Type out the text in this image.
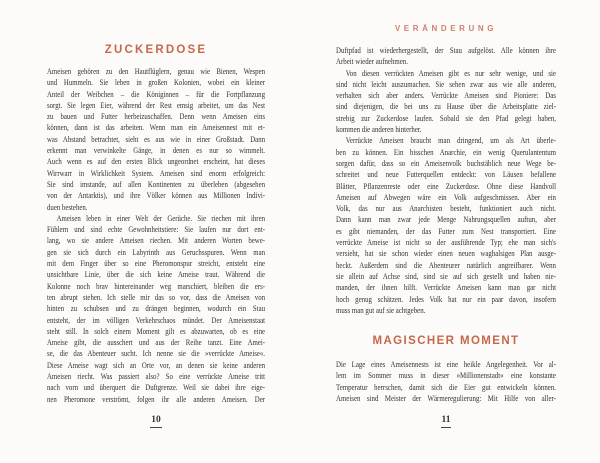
ZUCKERDOSE
Ameisen gehören zu den Hautflüglern, genau wie Bienen, Wespen
und Hummeln. Sie leben in großen Kolonien, wobei ein kleiner
Anteil der Weibchen – die Königinnen – für die Fortpflanzung
sorgt. Sie legen Eier, während der Rest emsig arbeitet, um das Nest
zu bauen und Futter herbeizuschaffen. Denn wenn Ameisen eins
können, dann ist das arbeiten. Wenn man ein Ameisennest mit et-
was Abstand betrachtet, sieht es aus wie in einer Großstadt. Dann
erkennt man verwinkelte Gänge, in denen es nur so wimmelt.
Auch wenn es auf den ersten Blick ungeordnet erscheint, hat dieses
Wirrwarr in Wirklichkeit System. Ameisen sind enorm erfolgreich:
Sie sind imstande, auf allen Kontinenten zu überleben (abgesehen
von der Antarktis), und ihre Völker können aus Millionen Indivi-
duen bestehen.
Ameisen leben in einer Welt der Gerüche. Sie riechen mit ihren
Fühlern und sind echte Gewohnheitstiere: Sie laufen nur dort ent-
lang, wo sie andere Ameisen riechen. Mit anderen Worten bewe-
gen sie sich durch ein Labyrinth aus Geruchsspuren. Wenn man
mit dem Finger über so eine Pheromonspur streicht, entsteht eine
unsichtbare Linie, über die sich keine Ameise traut. Während die
Kolonne noch brav hintereinander weg marschiert, bleiben die ers-
ten abrupt stehen. Ich stelle mir das so vor, dass die Ameisen von
hinten zu schubsen und zu drängen beginnen, wodurch ein Stau
entsteht, der im völligen Verkehrschaos mündet. Der Ameisenstaat
steht still. In solch einem Moment gilt es abzuwarten, ob es eine
Ameise gibt, die ausschert und aus der Reihe tanzt. Eine Amei-
se, die das Abenteuer sucht. Ich nenne sie die »verrückte Ameise«.
Diese Ameise wagt sich an Orte vor, an denen sie keine anderen
Ameisen riecht. Was passiert also? So eine verrückte Ameise tritt
nach vorn und überquert die Duftgrenze. Weil sie dabei ihre eige-
nen Pheromone verströmt, folgen ihr alle anderen Ameisen. Der
10
VERÄNDERUNG
Duftpfad ist wiederhergestellt, der Stau aufgelöst. Alle können ihre
Arbeit wieder aufnehmen.
Von diesen verrückten Ameisen gibt es nur sehr wenige, und sie
sind nicht leicht auszumachen. Sie sehen zwar aus wie alle anderen,
verhalten sich aber anders. Verrückte Ameisen sind Pioniere: Das
sind diejenigen, die bei uns zu Hause über die Arbeitsplatte ziel-
strebig zur Zuckerdose laufen. Sobald sie den Pfad gelegt haben,
kommen die anderen hinterher.
Verrückte Ameisen braucht man dringend, um als Art überle-
ben zu können. Ein bisschen Anarchie, ein wenig Querulantentum
sorgen dafür, dass so ein Ameisenvolk buchstäblich neue Wege be-
schreitet und neue Futterquellen entdeckt: von Läusen befallene
Blätter, Pflanzenreste oder eine Zuckerdose. Ohne diese Handvoll
Ameisen auf Abwegen wäre ein Volk aufgeschmissen. Aber ein
Volk, das nur aus Anarchisten besteht, funktioniert auch nicht.
Dann kann man zwar jede Menge Nahrungsquellen auftun, aber
es gibt niemanden, der das Futter zum Nest transportiert. Eine
verrückte Ameise ist nicht so der ausführende Typ; ehe man sich's
versieht, hat sie schon wieder einen neuen waghalsigen Plan ausge-
heckt. Außerdem sind die Abenteurer natürlich angreifbarer. Wenn
sie allein auf Achse sind, sind sie auf sich gestellt und haben nie-
manden, der ihnen hilft. Verrückte Ameisen kann man gar nicht
hoch genug schätzen. Jedes Volk hat nur ein paar davon, insofern
muss man gut auf sie achtgeben.
MAGISCHER MOMENT
Die Lage eines Ameisennests ist eine heikle Angelegenheit. Vor al-
lem im Sommer muss in dieser »Millionenstadt« eine konstante
Temperatur herrschen, damit sich die Eier gut entwickeln können.
Ameisen sind Meister der Wärmeregulierung: Mit Hilfe von aller-
11
